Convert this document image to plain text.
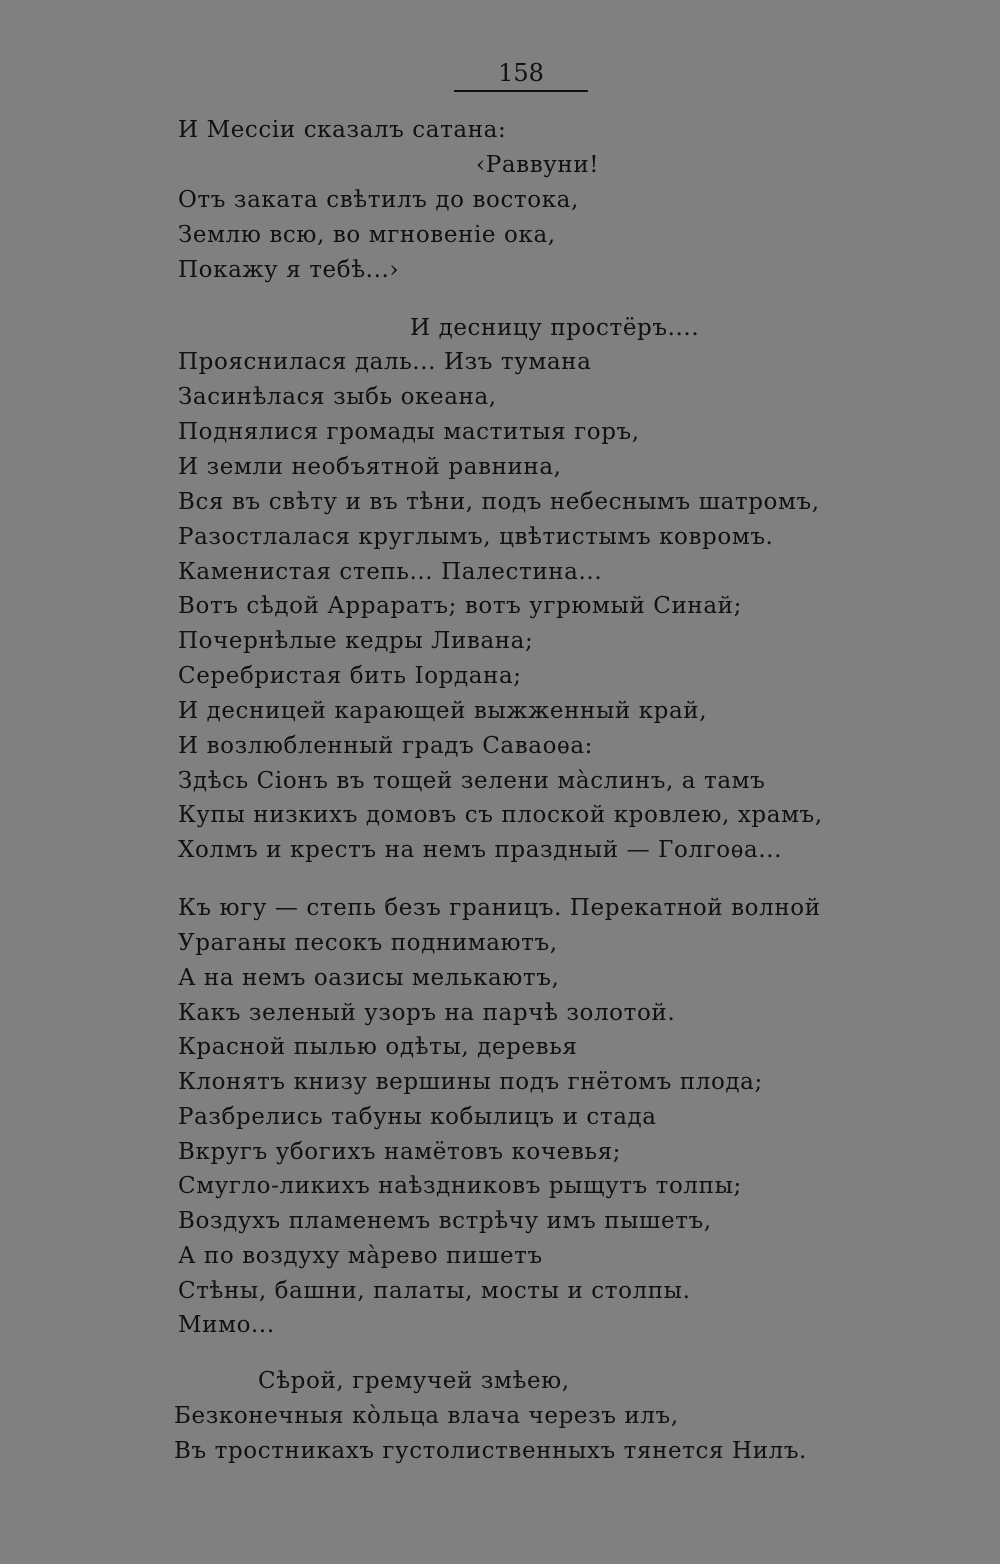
158
И Мессіи сказалъ сатана:
‹Раввуни!
Отъ заката свѣтилъ до востока,
Землю всю, во мгновеніе ока,
Покажу я тебѣ...›
И десницу простёръ....
Прояснилася даль... Изъ тумана
Засинѣлася зыбь океана,
Поднялися громады маститыя горъ,
И земли необъятной равнина,
Вся въ свѣту и въ тѣни, подъ небеснымъ шатромъ,
Разостлалася круглымъ, цвѣтистымъ ковромъ.
Каменистая степь... Палестина...
Вотъ сѣдой Аррaратъ; вотъ угрюмый Синай;
Почернѣлые кедры Ливана;
Серебристая бить Іордана;
И десницей карающей выжженный край,
И возлюбленный градъ Саваоѳа:
Здѣсь Сіонъ въ тощей зелени мàслинъ, а тамъ
Купы низкихъ домовъ съ плоской кровлею, храмъ,
Холмъ и крестъ на немъ праздный — Голгоѳа...
Къ югу — степь безъ границъ. Перекатной волной
Ураганы песокъ поднимаютъ,
А на немъ оазисы мелькаютъ,
Какъ зеленый узоръ на парчѣ золотой.
Красной пылью одѣты, деревья
Клонятъ книзу вершины подъ гнётомъ плода;
Разбрелись табуны кобылицъ и стада
Вкругъ убогихъ намётовъ кочевья;
Смугло-ликихъ наѣздниковъ рыщутъ толпы;
Воздухъ пламенемъ встрѣчу имъ пышетъ,
А по воздуху мàрево пишетъ
Стѣны, башни, палаты, мосты и столпы.
Мимо...
Сѣрой, гремучей змѣею,
Безконечныя кòльца влача черезъ илъ,
Въ тростникахъ густолиственныхъ тянется Нилъ.
